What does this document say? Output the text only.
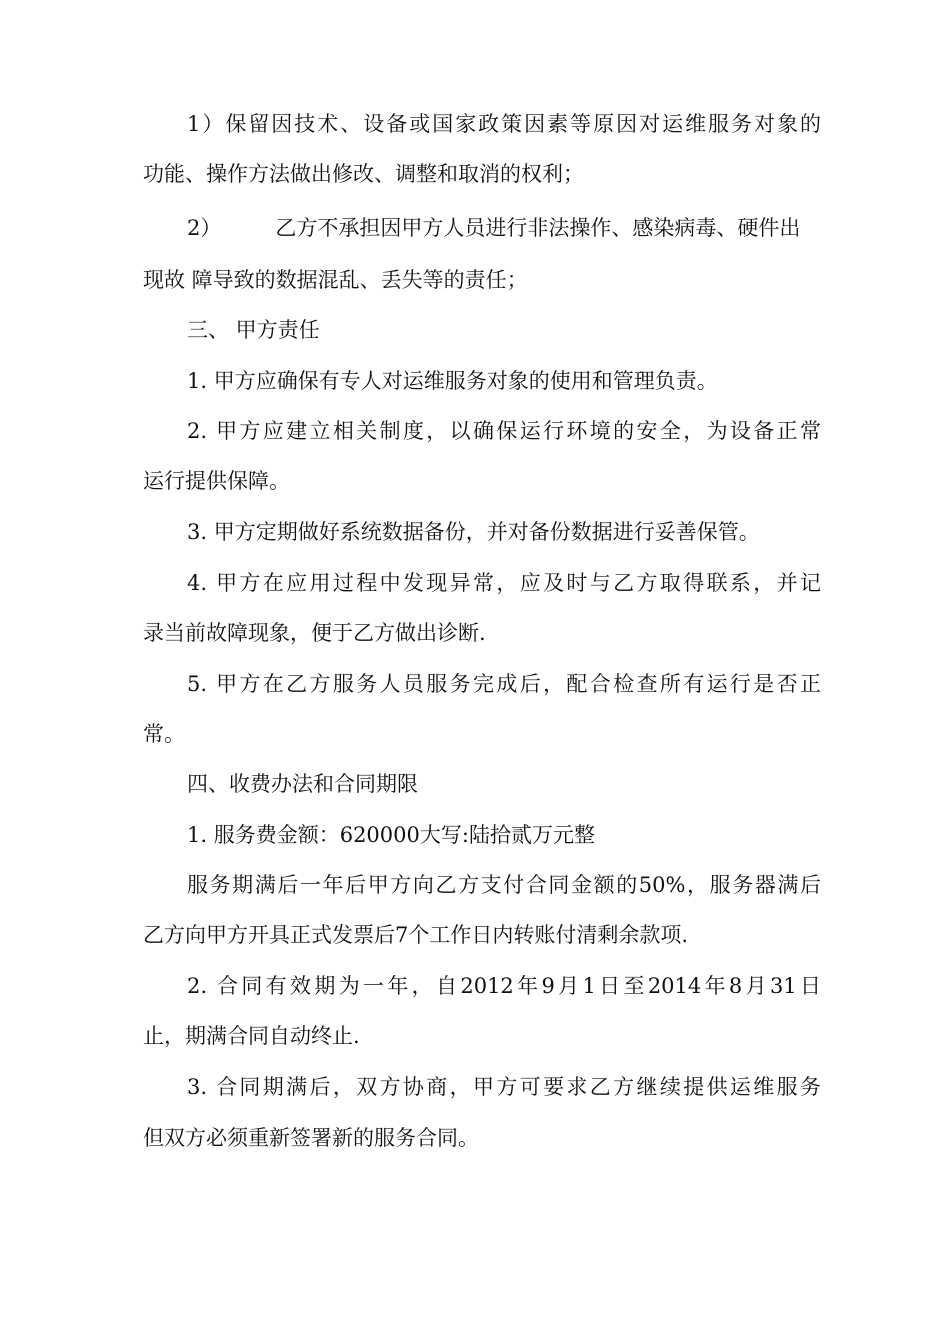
1）保留因技术、设备或国家政策因素等原因对运维服务对象的
功能、操作方法做出修改、调整和取消的权利；
2）	乙方不承担因甲方人员进行非法操作、感染病毒、硬件出
现故 障导致的数据混乱、丢失等的责任；
三、 甲方责任
1. 甲方应确保有专人对运维服务对象的使用和管理负责。
2. 甲方应建立相关制度，以确保运行环境的安全，为设备正常
运行提供保障。
3. 甲方定期做好系统数据备份，并对备份数据进行妥善保管。
4. 甲方在应用过程中发现异常，应及时与乙方取得联系，并记
录当前故障现象，便于乙方做出诊断.
5. 甲方在乙方服务人员服务完成后，配合检查所有运行是否正
常。
四、收费办法和合同期限
1. 服务费金额：620000大写:陆拾贰万元整
服务期满后一年后甲方向乙方支付合同金额的50%，服务器满后
乙方向甲方开具正式发票后7个工作日内转账付清剩余款项.
2. 合同有效期为一年，自2012年9月1日至2014年8月31日
止，期满合同自动终止.
3. 合同期满后，双方协商，甲方可要求乙方继续提供运维服务
但双方必须重新签署新的服务合同。
